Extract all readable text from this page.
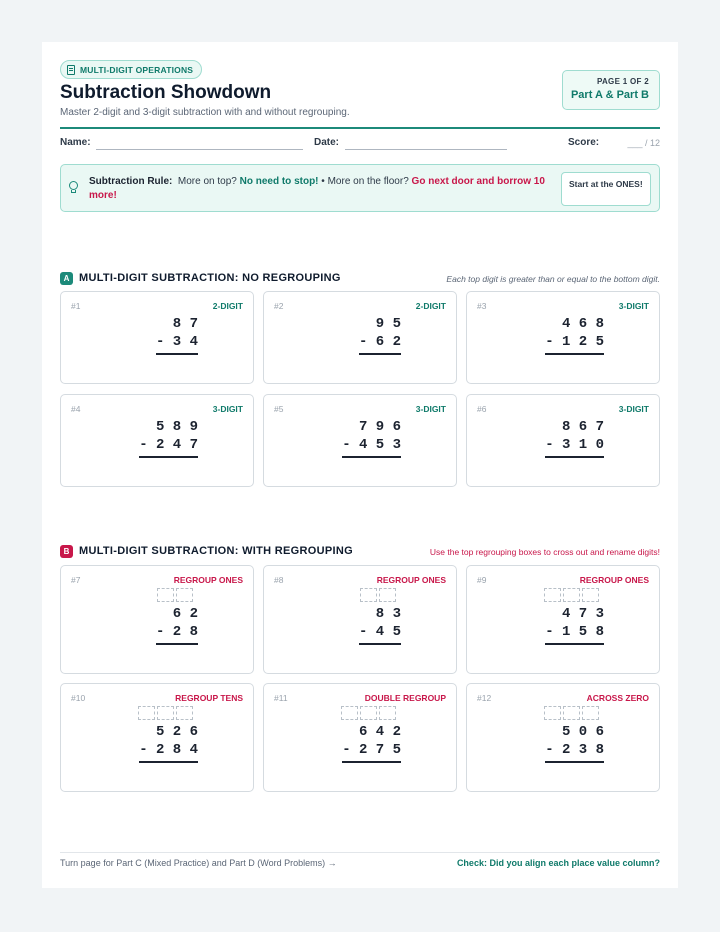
MULTI-DIGIT OPERATIONS
Subtraction Showdown
Master 2-digit and 3-digit subtraction with and without regrouping.
PAGE 1 OF 2
Part A & Part B
Name:	Date:	Score:	___ / 12
Subtraction Rule: More on top? No need to stop! • More on the floor? Go next door and borrow 10 more!
Start at the ONES!
A MULTI-DIGIT SUBTRACTION: NO REGROUPING	Each top digit is greater than or equal to the bottom digit.
#1	2-DIGIT
8 7
- 3 4
#2	2-DIGIT
9 5
- 6 2
#3	3-DIGIT
4 6 8
- 1 2 5
#4	3-DIGIT
5 8 9
- 2 4 7
#5	3-DIGIT
7 9 6
- 4 5 3
#6	3-DIGIT
8 6 7
- 3 1 0
B MULTI-DIGIT SUBTRACTION: WITH REGROUPING	Use the top regrouping boxes to cross out and rename digits!
#7	REGROUP ONES
6 2
- 2 8
#8	REGROUP ONES
8 3
- 4 5
#9	REGROUP ONES
4 7 3
- 1 5 8
#10	REGROUP TENS
5 2 6
- 2 8 4
#11	DOUBLE REGROUP
6 4 2
- 2 7 5
#12	ACROSS ZERO
5 0 6
- 2 3 8
Turn page for Part C (Mixed Practice) and Part D (Word Problems) →	Check: Did you align each place value column?
